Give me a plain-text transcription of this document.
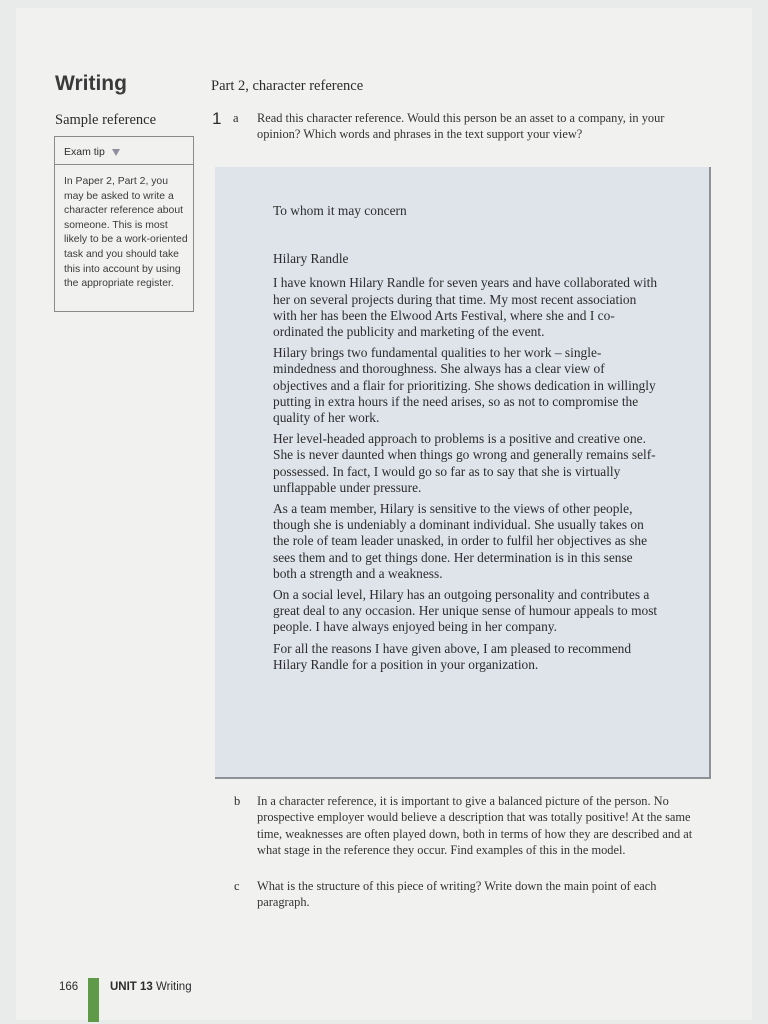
Writing	Part 2, character reference
Sample reference
Exam tip
In Paper 2, Part 2, you may be asked to write a character reference about someone. This is most likely to be a work-oriented task and you should take this into account by using the appropriate register.
1 a Read this character reference. Would this person be an asset to a company, in your opinion? Which words and phrases in the text support your view?

To whom it may concern

Hilary Randle

I have known Hilary Randle for seven years and have collaborated with her on several projects during that time. My most recent association with her has been the Elwood Arts Festival, where she and I co-ordinated the publicity and marketing of the event.

Hilary brings two fundamental qualities to her work – single-mindedness and thoroughness. She always has a clear view of objectives and a flair for prioritizing. She shows dedication in willingly putting in extra hours if the need arises, so as not to compromise the quality of her work.

Her level-headed approach to problems is a positive and creative one. She is never daunted when things go wrong and generally remains self-possessed. In fact, I would go so far as to say that she is virtually unflappable under pressure.

As a team member, Hilary is sensitive to the views of other people, though she is undeniably a dominant individual. She usually takes on the role of team leader unasked, in order to fulfil her objectives as she sees them and to get things done. Her determination is in this sense both a strength and a weakness.

On a social level, Hilary has an outgoing personality and contributes a great deal to any occasion. Her unique sense of humour appeals to most people. I have always enjoyed being in her company.

For all the reasons I have given above, I am pleased to recommend Hilary Randle for a position in your organization.

b In a character reference, it is important to give a balanced picture of the person. No prospective employer would believe a description that was totally positive! At the same time, weaknesses are often played down, both in terms of how they are described and at what stage in the reference they occur. Find examples of this in the model.
c What is the structure of this piece of writing? Write down the main point of each paragraph.
166	UNIT 13 Writing
